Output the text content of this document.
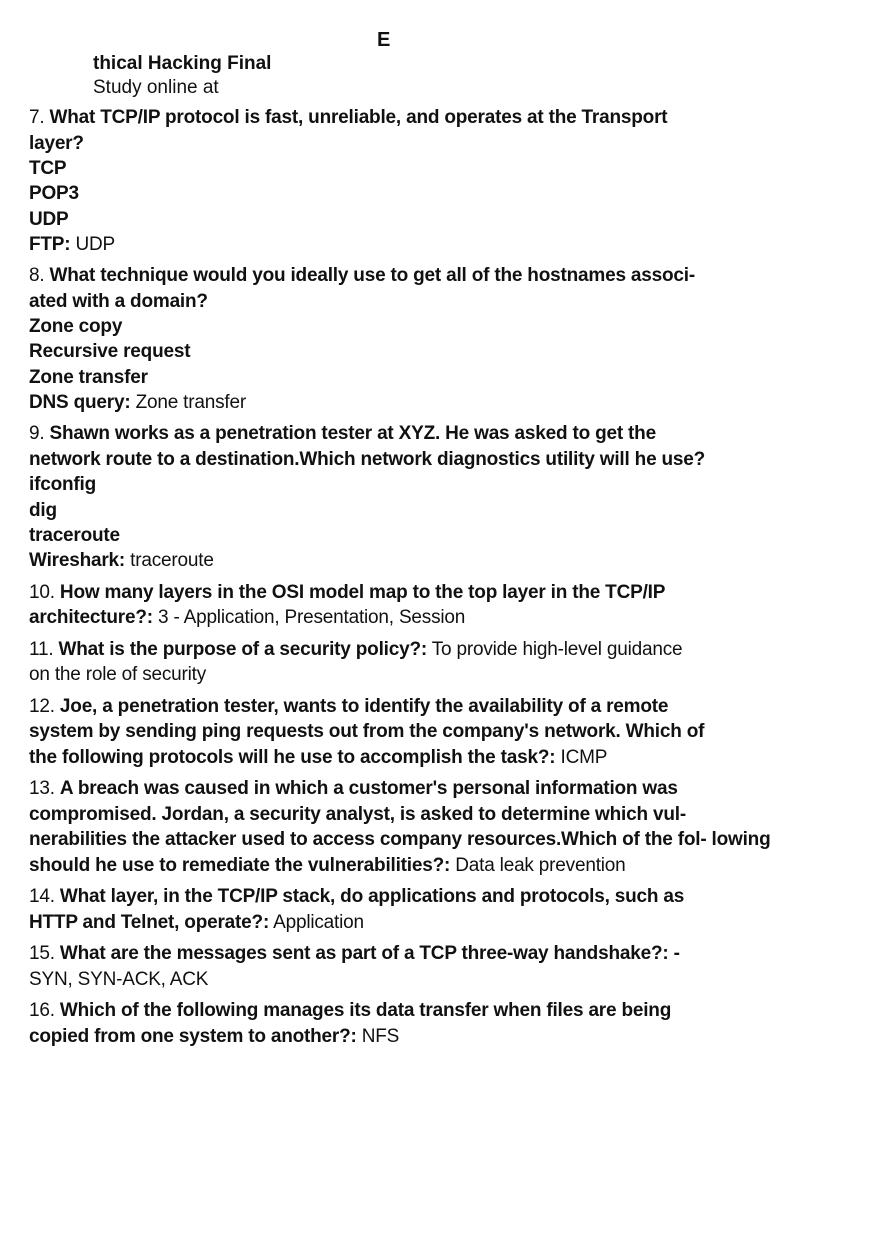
E
thical Hacking Final
Study online at
7. What TCP/IP protocol is fast, unreliable, and operates at the Transport
layer?
TCP
POP3
UDP
FTP: UDP
8. What technique would you ideally use to get all of the hostnames associ-
ated with a domain?
Zone copy
Recursive request
Zone transfer
DNS query: Zone transfer
9. Shawn works as a penetration tester at XYZ. He was asked to get the
network route to a destination.Which network diagnostics utility will he use?
ifconfig
dig
traceroute
Wireshark: traceroute
10. How many layers in the OSI model map to the top layer in the TCP/IP
architecture?: 3 - Application, Presentation, Session
11. What is the purpose of a security policy?: To provide high-level guidance
on the role of security
12. Joe, a penetration tester, wants to identify the availability of a remote
system by sending ping requests out from the company's network. Which of
the following protocols will he use to accomplish the task?: ICMP
13. A breach was caused in which a customer's personal information was
compromised. Jordan, a security analyst, is asked to determine which vul-
nerabilities the attacker used to access company resources.Which of the fol- lowing
should he use to remediate the vulnerabilities?: Data leak prevention
14. What layer, in the TCP/IP stack, do applications and protocols, such as
HTTP and Telnet, operate?: Application
15. What are the messages sent as part of a TCP three-way handshake?: -
SYN, SYN-ACK, ACK
16. Which of the following manages its data transfer when files are being
copied from one system to another?: NFS
